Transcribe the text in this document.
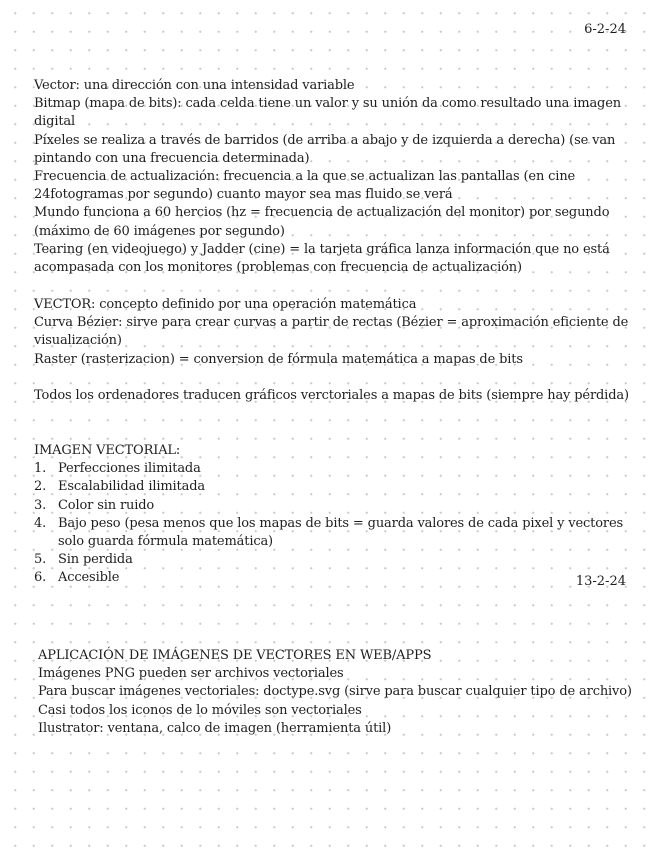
6-2-24

Vector: una dirección con una intensidad variable

Bitmap (mapa de bits): cada celda tiene un valor y su unión da como resultado una imagen digital

Píxeles se realiza a través de barridos (de arriba a abajo y de izquierda a derecha) (se van pintando con una frecuencia determinada)

Frecuencia de actualización: frecuencia a la que se actualizan las pantallas (en cine 24fotogramas por segundo) cuanto mayor sea mas fluido se verá

Mundo funciona a 60 hercios (hz = frecuencia de actualización del monitor) por segundo (máximo de 60 imágenes por segundo)

Tearing (en videojuego) y Jadder (cine) = la tarjeta gráfica lanza información que no está acompasada con los monitores (problemas con frecuencia de actualización)

VECTOR: concepto definido por una operación matemática

Curva Bézier: sirve para crear curvas a partir de rectas (Bézier = aproximación eficiente de visualización)

Raster (rasterizacion) = conversion de fórmula matemática a mapas de bits

Todos los ordenadores traducen gráficos verctoriales a mapas de bits (siempre hay pérdida)

IMAGEN VECTORIAL:

1. Perfecciones ilimitada
2. Escalabilidad ilimitada
3. Color sin ruido
4. Bajo peso (pesa menos que los mapas de bits = guarda valores de cada pixel y vectores solo guarda fórmula matemática)
5. Sin perdida
6. Accesible	13-2-24

APLICACIÓN DE IMÁGENES DE VECTORES EN WEB/APPS

Imágenes PNG pueden ser archivos vectoriales

Para buscar imágenes vectoriales: doctype.svg (sirve para buscar cualquier tipo de archivo)

Casi todos los iconos de lo móviles son vectoriales

Ilustrator: ventana, calco de imagen (herramienta útil)
